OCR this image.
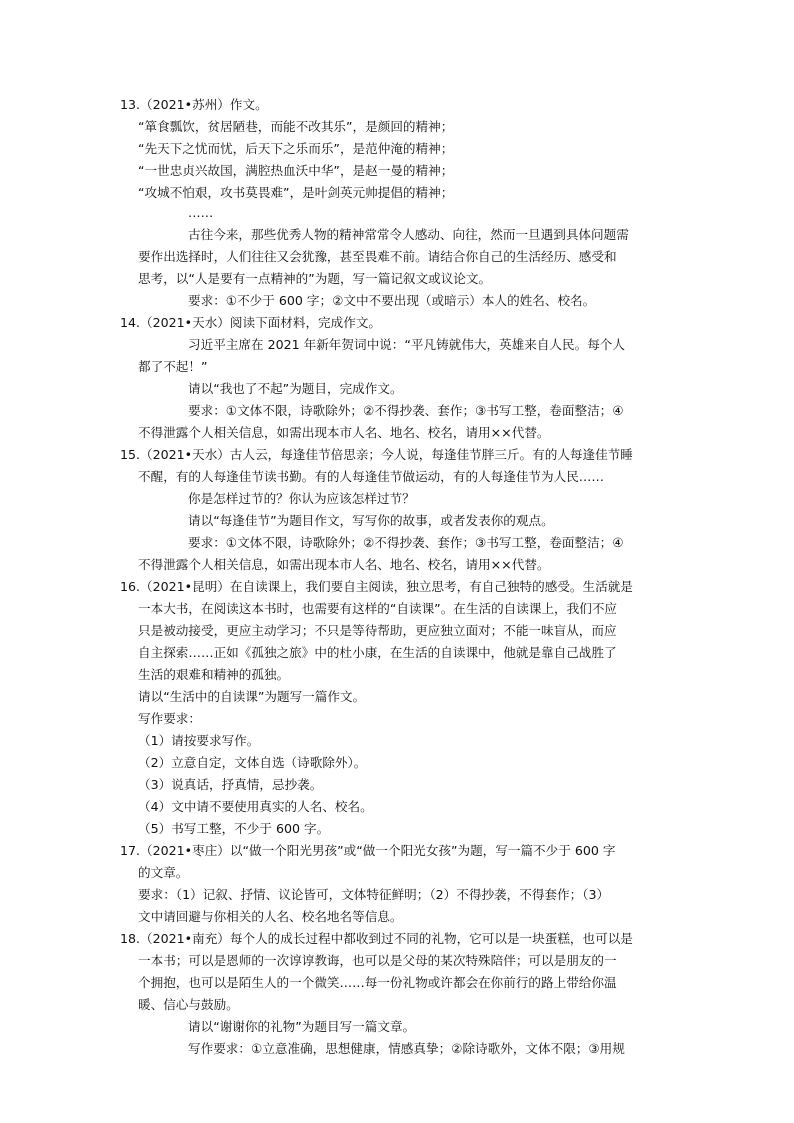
13.（2021•苏州）作文。
“箪食瓢饮，贫居陋巷，而能不改其乐”，是颜回的精神；
“先天下之忧而忧，后天下之乐而乐”，是范仲淹的精神；
“一世忠贞兴故国，满腔热血沃中华”，是赵一曼的精神；
“攻城不怕艰，攻书莫畏难”，是叶剑英元帅提倡的精神；
……
古往今来，那些优秀人物的精神常常令人感动、向往，然而一旦遇到具体问题需
要作出选择时，人们往往又会犹豫，甚至畏难不前。请结合你自己的生活经历、感受和
思考，以“人是要有一点精神的”为题，写一篇记叙文或议论文。
要求：①不少于 600 字；②文中不要出现（或暗示）本人的姓名、校名。
14.（2021•天水）阅读下面材料，完成作文。
习近平主席在 2021 年新年贺词中说：“平凡铸就伟大，英雄来自人民。每个人
都了不起！”
请以“我也了不起”为题目，完成作文。
要求：①文体不限，诗歌除外；②不得抄袭、套作；③书写工整，卷面整洁；④
不得泄露个人相关信息，如需出现本市人名、地名、校名，请用××代替。
15.（2021•天水）古人云，每逢佳节倍思亲；今人说，每逢佳节胖三斤。有的人每逢佳节睡
不醒，有的人每逢佳节读书勤。有的人每逢佳节做运动，有的人每逢佳节为人民……
你是怎样过节的？你认为应该怎样过节？
请以“每逢佳节”为题目作文，写写你的故事，或者发表你的观点。
要求：①文体不限，诗歌除外；②不得抄袭、套作；③书写工整，卷面整洁；④
不得泄露个人相关信息，如需出现本市人名、地名、校名，请用××代替。
16.（2021•昆明）在自读课上，我们要自主阅读，独立思考，有自己独特的感受。生活就是
一本大书，在阅读这本书时，也需要有这样的“自读课”。在生活的自读课上，我们不应
只是被动接受，更应主动学习；不只是等待帮助，更应独立面对；不能一味盲从，而应
自主探索……正如《孤独之旅》中的杜小康，在生活的自读课中，他就是靠自己战胜了
生活的艰难和精神的孤独。
请以“生活中的自读课”为题写一篇作文。
写作要求：
（1）请按要求写作。
（2）立意自定，文体自选（诗歌除外）。
（3）说真话，抒真情，忌抄袭。
（4）文中请不要使用真实的人名、校名。
（5）书写工整，不少于 600 字。
17.（2021•枣庄）以“做一个阳光男孩”或“做一个阳光女孩”为题，写一篇不少于 600 字
的文章。
要求：（1）记叙、抒情、议论皆可，文体特征鲜明；（2）不得抄袭，不得套作；（3）
文中请回避与你相关的人名、校名地名等信息。
18.（2021•南充）每个人的成长过程中都收到过不同的礼物，它可以是一块蛋糕，也可以是
一本书；可以是恩师的一次谆谆教诲，也可以是父母的某次特殊陪伴；可以是朋友的一
个拥抱，也可以是陌生人的一个微笑……每一份礼物或许都会在你前行的路上带给你温
暖、信心与鼓励。
请以“谢谢你的礼物”为题目写一篇文章。
写作要求：①立意准确，思想健康，情感真挚；②除诗歌外，文体不限；③用规
